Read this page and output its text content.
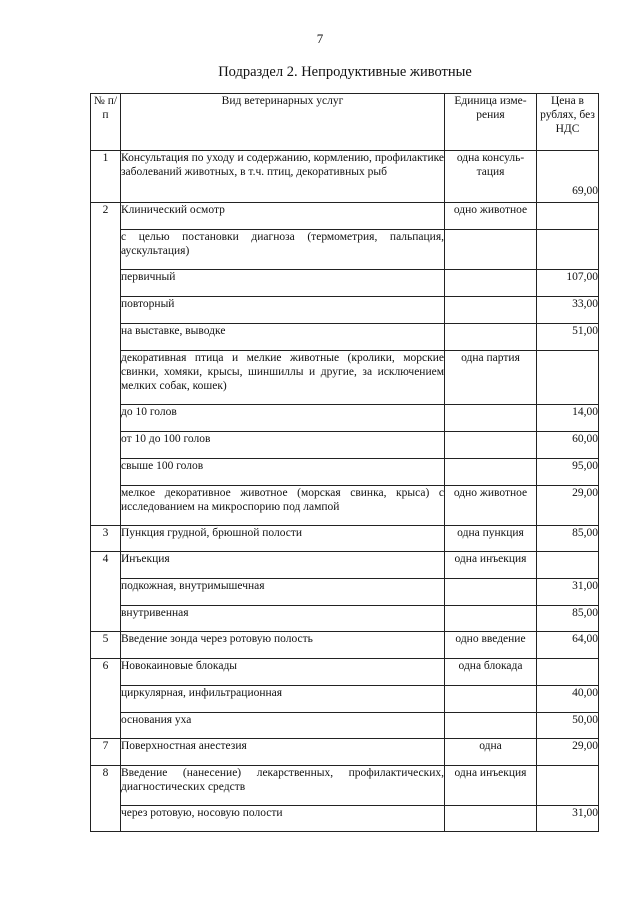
7
Подраздел 2. Непродуктивные животные
№ п/п	Вид ветеринарных услуг	Единица изме-рения	Цена в рублях, без НДС
1	Консультация по уходу и содержанию, кормлению, профилактике заболеваний животных, в т.ч. птиц, декоративных рыб	одна консуль-тация	69,00
2	Клинический осмотр	одно животное	
	с целью постановки диагноза (термометрия, пальпация, аускультация)		
	первичный		107,00
	повторный		33,00
	на выставке, выводке		51,00
	декоративная птица и мелкие животные (кролики, морские свинки, хомяки, крысы, шиншиллы и другие, за исключением мелких собак, кошек)	одна партия	
	до 10 голов		14,00
	от 10 до 100 голов		60,00
	свыше 100 голов		95,00
	мелкое декоративное животное (морская свинка, крыса) с исследованием на микроспорию под лампой	одно животное	29,00
3	Пункция грудной, брюшной полости	одна пункция	85,00
4	Инъекция	одна инъекция	
	подкожная, внутримышечная		31,00
	внутривенная		85,00
5	Введение зонда через ротовую полость	одно введение	64,00
6	Новокаиновые блокады	одна блокада	
	циркулярная, инфильтрационная		40,00
	основания уха		50,00
7	Поверхностная анестезия	одна	29,00
8	Введение (нанесение) лекарственных, профилактических, диагностических средств	одна инъекция	
	через ротовую, носовую полости		31,00
